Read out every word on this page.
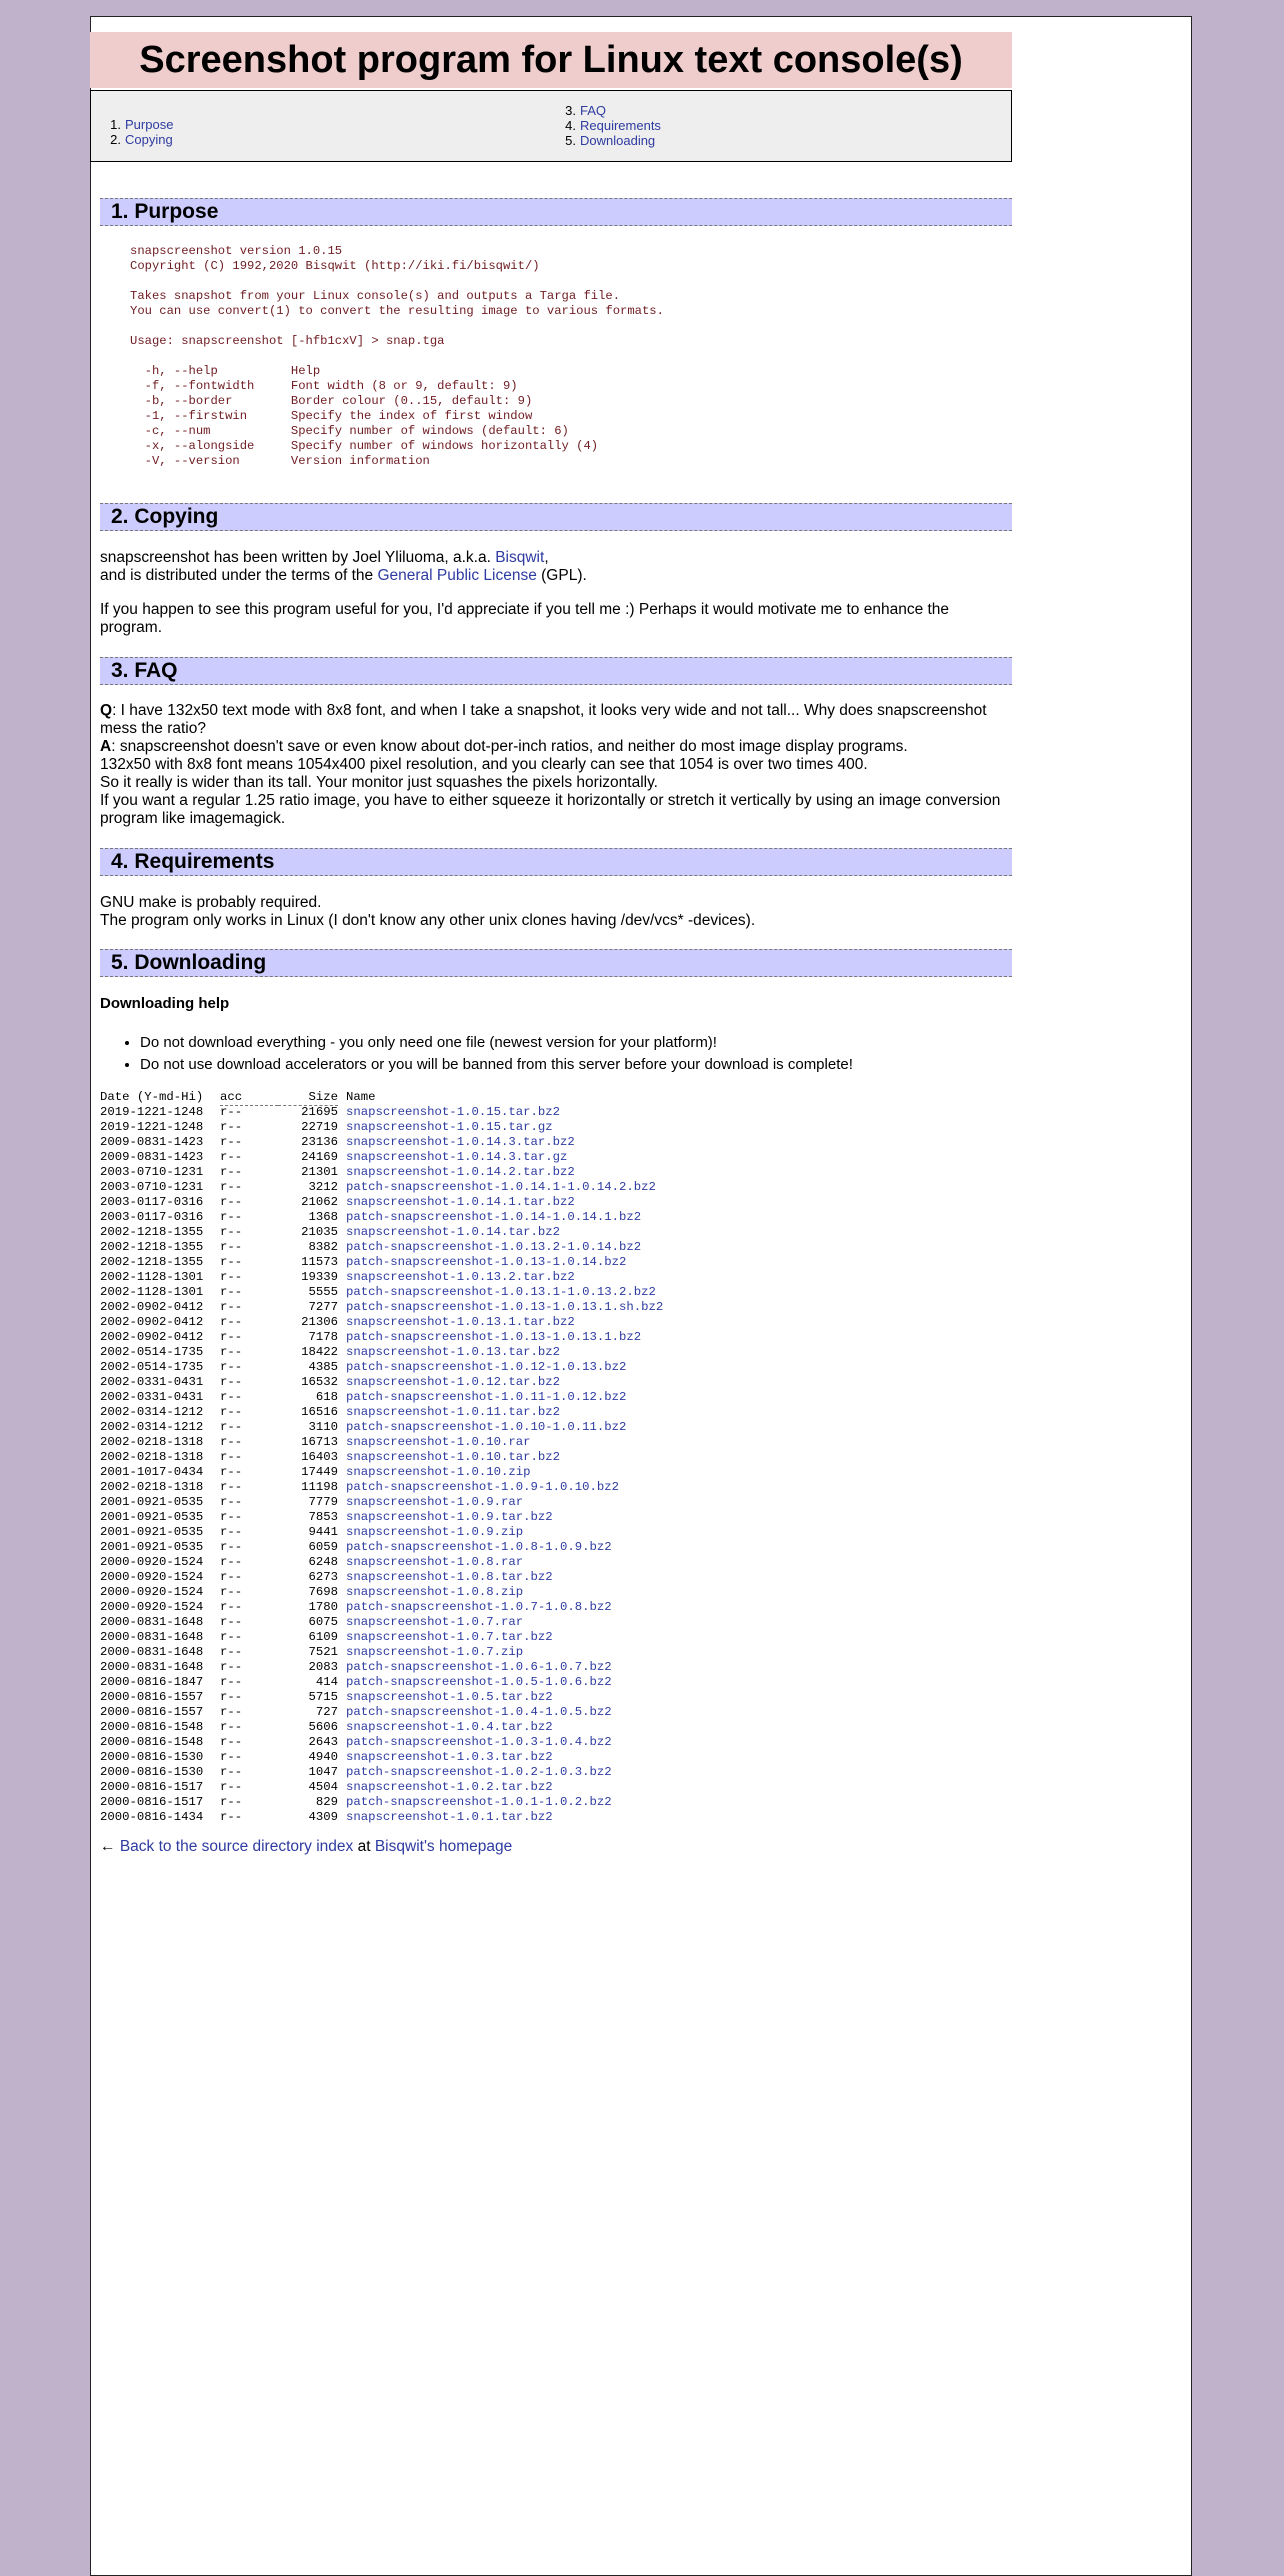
Screenshot program for Linux text console(s)
1. Purpose
2. Copying
3. FAQ
4. Requirements
5. Downloading
1. Purpose
snapscreenshot version 1.0.15
Copyright (C) 1992,2020 Bisqwit (http://iki.fi/bisqwit/)

Takes snapshot from your Linux console(s) and outputs a Targa file.
You can use convert(1) to convert the resulting image to various formats.

Usage: snapscreenshot [-hfb1cxV] > snap.tga

-h, --help          Help
-f, --fontwidth     Font width (8 or 9, default: 9)
-b, --border        Border colour (0..15, default: 9)
-1, --firstwin      Specify the index of first window
-c, --num           Specify number of windows (default: 6)
-x, --alongside     Specify number of windows horizontally (4)
-V, --version       Version information
2. Copying
snapscreenshot has been written by Joel Yliluoma, a.k.a. Bisqwit,
and is distributed under the terms of the General Public License (GPL).
If you happen to see this program useful for you, I'd appreciate if you tell me :) Perhaps it would motivate me to enhance the program.
3. FAQ
Q: I have 132x50 text mode with 8x8 font, and when I take a snapshot, it looks very wide and not tall... Why does snapscreenshot mess the ratio?
A: snapscreenshot doesn't save or even know about dot-per-inch ratios, and neither do most image display programs.
132x50 with 8x8 font means 1054x400 pixel resolution, and you clearly can see that 1054 is over two times 400.
So it really is wider than its tall. Your monitor just squashes the pixels horizontally.
If you want a regular 1.25 ratio image, you have to either squeeze it horizontally or stretch it vertically by using an image conversion program like imagemagick.
4. Requirements
GNU make is probably required.
The program only works in Linux (I don't know any other unix clones having /dev/vcs* -devices).
5. Downloading
Downloading help
• Do not download everything - you only need one file (newest version for your platform)!
• Do not use download accelerators or you will be banned from this server before your download is complete!
Date (Y-md-Hi) acc	Size Name
2019-1221-1248 r--	21695 snapscreenshot-1.0.15.tar.bz2
2019-1221-1248 r--	22719 snapscreenshot-1.0.15.tar.gz
2009-0831-1423 r--	23136 snapscreenshot-1.0.14.3.tar.bz2
2009-0831-1423 r--	24169 snapscreenshot-1.0.14.3.tar.gz
2003-0710-1231 r--	21301 snapscreenshot-1.0.14.2.tar.bz2
2003-0710-1231 r--	3212 patch-snapscreenshot-1.0.14.1-1.0.14.2.bz2
2003-0117-0316 r--	21062 snapscreenshot-1.0.14.1.tar.bz2
2003-0117-0316 r--	1368 patch-snapscreenshot-1.0.14-1.0.14.1.bz2
2002-1218-1355 r--	21035 snapscreenshot-1.0.14.tar.bz2
2002-1218-1355 r--	8382 patch-snapscreenshot-1.0.13.2-1.0.14.bz2
2002-1218-1355 r--	11573 patch-snapscreenshot-1.0.13-1.0.14.bz2
2002-1128-1301 r--	19339 snapscreenshot-1.0.13.2.tar.bz2
2002-1128-1301 r--	5555 patch-snapscreenshot-1.0.13.1-1.0.13.2.bz2
2002-0902-0412 r--	7277 patch-snapscreenshot-1.0.13-1.0.13.1.sh.bz2
2002-0902-0412 r--	21306 snapscreenshot-1.0.13.1.tar.bz2
2002-0902-0412 r--	7178 patch-snapscreenshot-1.0.13-1.0.13.1.bz2
2002-0514-1735 r--	18422 snapscreenshot-1.0.13.tar.bz2
2002-0514-1735 r--	4385 patch-snapscreenshot-1.0.12-1.0.13.bz2
2002-0331-0431 r--	16532 snapscreenshot-1.0.12.tar.bz2
2002-0331-0431 r--	618 patch-snapscreenshot-1.0.11-1.0.12.bz2
2002-0314-1212 r--	16516 snapscreenshot-1.0.11.tar.bz2
2002-0314-1212 r--	3110 patch-snapscreenshot-1.0.10-1.0.11.bz2
2002-0218-1318 r--	16713 snapscreenshot-1.0.10.rar
2002-0218-1318 r--	16403 snapscreenshot-1.0.10.tar.bz2
2001-1017-0434 r--	17449 snapscreenshot-1.0.10.zip
2002-0218-1318 r--	11198 patch-snapscreenshot-1.0.9-1.0.10.bz2
2001-0921-0535 r--	7779 snapscreenshot-1.0.9.rar
2001-0921-0535 r--	7853 snapscreenshot-1.0.9.tar.bz2
2001-0921-0535 r--	9441 snapscreenshot-1.0.9.zip
2001-0921-0535 r--	6059 patch-snapscreenshot-1.0.8-1.0.9.bz2
2000-0920-1524 r--	6248 snapscreenshot-1.0.8.rar
2000-0920-1524 r--	6273 snapscreenshot-1.0.8.tar.bz2
2000-0920-1524 r--	7698 snapscreenshot-1.0.8.zip
2000-0920-1524 r--	1780 patch-snapscreenshot-1.0.7-1.0.8.bz2
2000-0831-1648 r--	6075 snapscreenshot-1.0.7.rar
2000-0831-1648 r--	6109 snapscreenshot-1.0.7.tar.bz2
2000-0831-1648 r--	7521 snapscreenshot-1.0.7.zip
2000-0831-1648 r--	2083 patch-snapscreenshot-1.0.6-1.0.7.bz2
2000-0816-1847 r--	414 patch-snapscreenshot-1.0.5-1.0.6.bz2
2000-0816-1557 r--	5715 snapscreenshot-1.0.5.tar.bz2
2000-0816-1557 r--	727 patch-snapscreenshot-1.0.4-1.0.5.bz2
2000-0816-1548 r--	5606 snapscreenshot-1.0.4.tar.bz2
2000-0816-1548 r--	2643 patch-snapscreenshot-1.0.3-1.0.4.bz2
2000-0816-1530 r--	4940 snapscreenshot-1.0.3.tar.bz2
2000-0816-1530 r--	1047 patch-snapscreenshot-1.0.2-1.0.3.bz2
2000-0816-1517 r--	4504 snapscreenshot-1.0.2.tar.bz2
2000-0816-1517 r--	829 patch-snapscreenshot-1.0.1-1.0.2.bz2
2000-0816-1434 r--	4309 snapscreenshot-1.0.1.tar.bz2
← Back to the source directory index at Bisqwit's homepage
